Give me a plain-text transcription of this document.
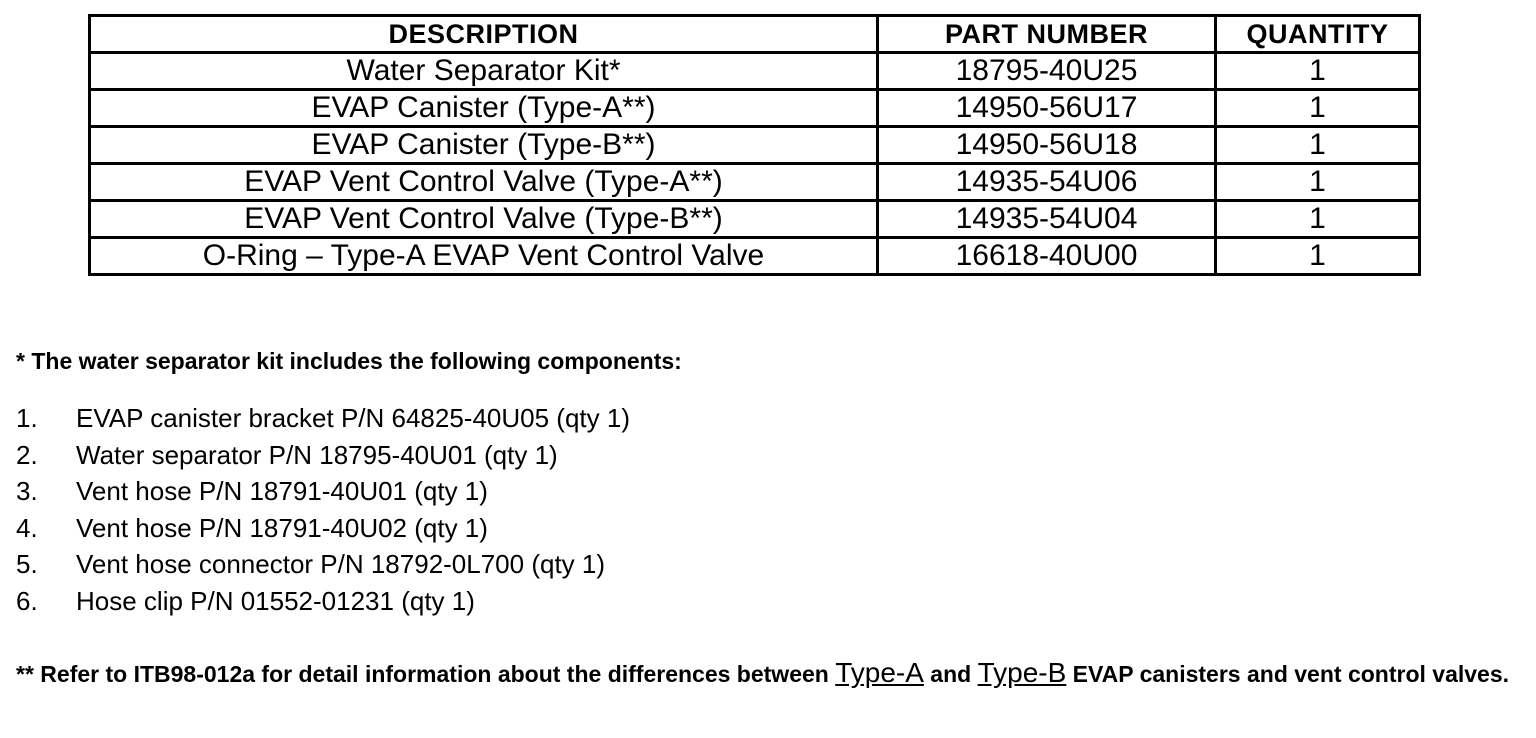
DESCRIPTION	PART NUMBER	QUANTITY
Water Separator Kit*	18795-40U25	1
EVAP Canister (Type-A**)	14950-56U17	1
EVAP Canister (Type-B**)	14950-56U18	1
EVAP Vent Control Valve (Type-A**)	14935-54U06	1
EVAP Vent Control Valve (Type-B**)	14935-54U04	1
O-Ring – Type-A EVAP Vent Control Valve	16618-40U00	1
* The water separator kit includes the following components:
1. EVAP canister bracket P/N 64825-40U05 (qty 1)
2. Water separator P/N 18795-40U01 (qty 1)
3. Vent hose P/N 18791-40U01 (qty 1)
4. Vent hose P/N 18791-40U02 (qty 1)
5. Vent hose connector P/N 18792-0L700 (qty 1)
6. Hose clip P/N 01552-01231 (qty 1)
** Refer to ITB98-012a for detail information about the differences between Type-A and Type-B EVAP canisters and vent control valves.
